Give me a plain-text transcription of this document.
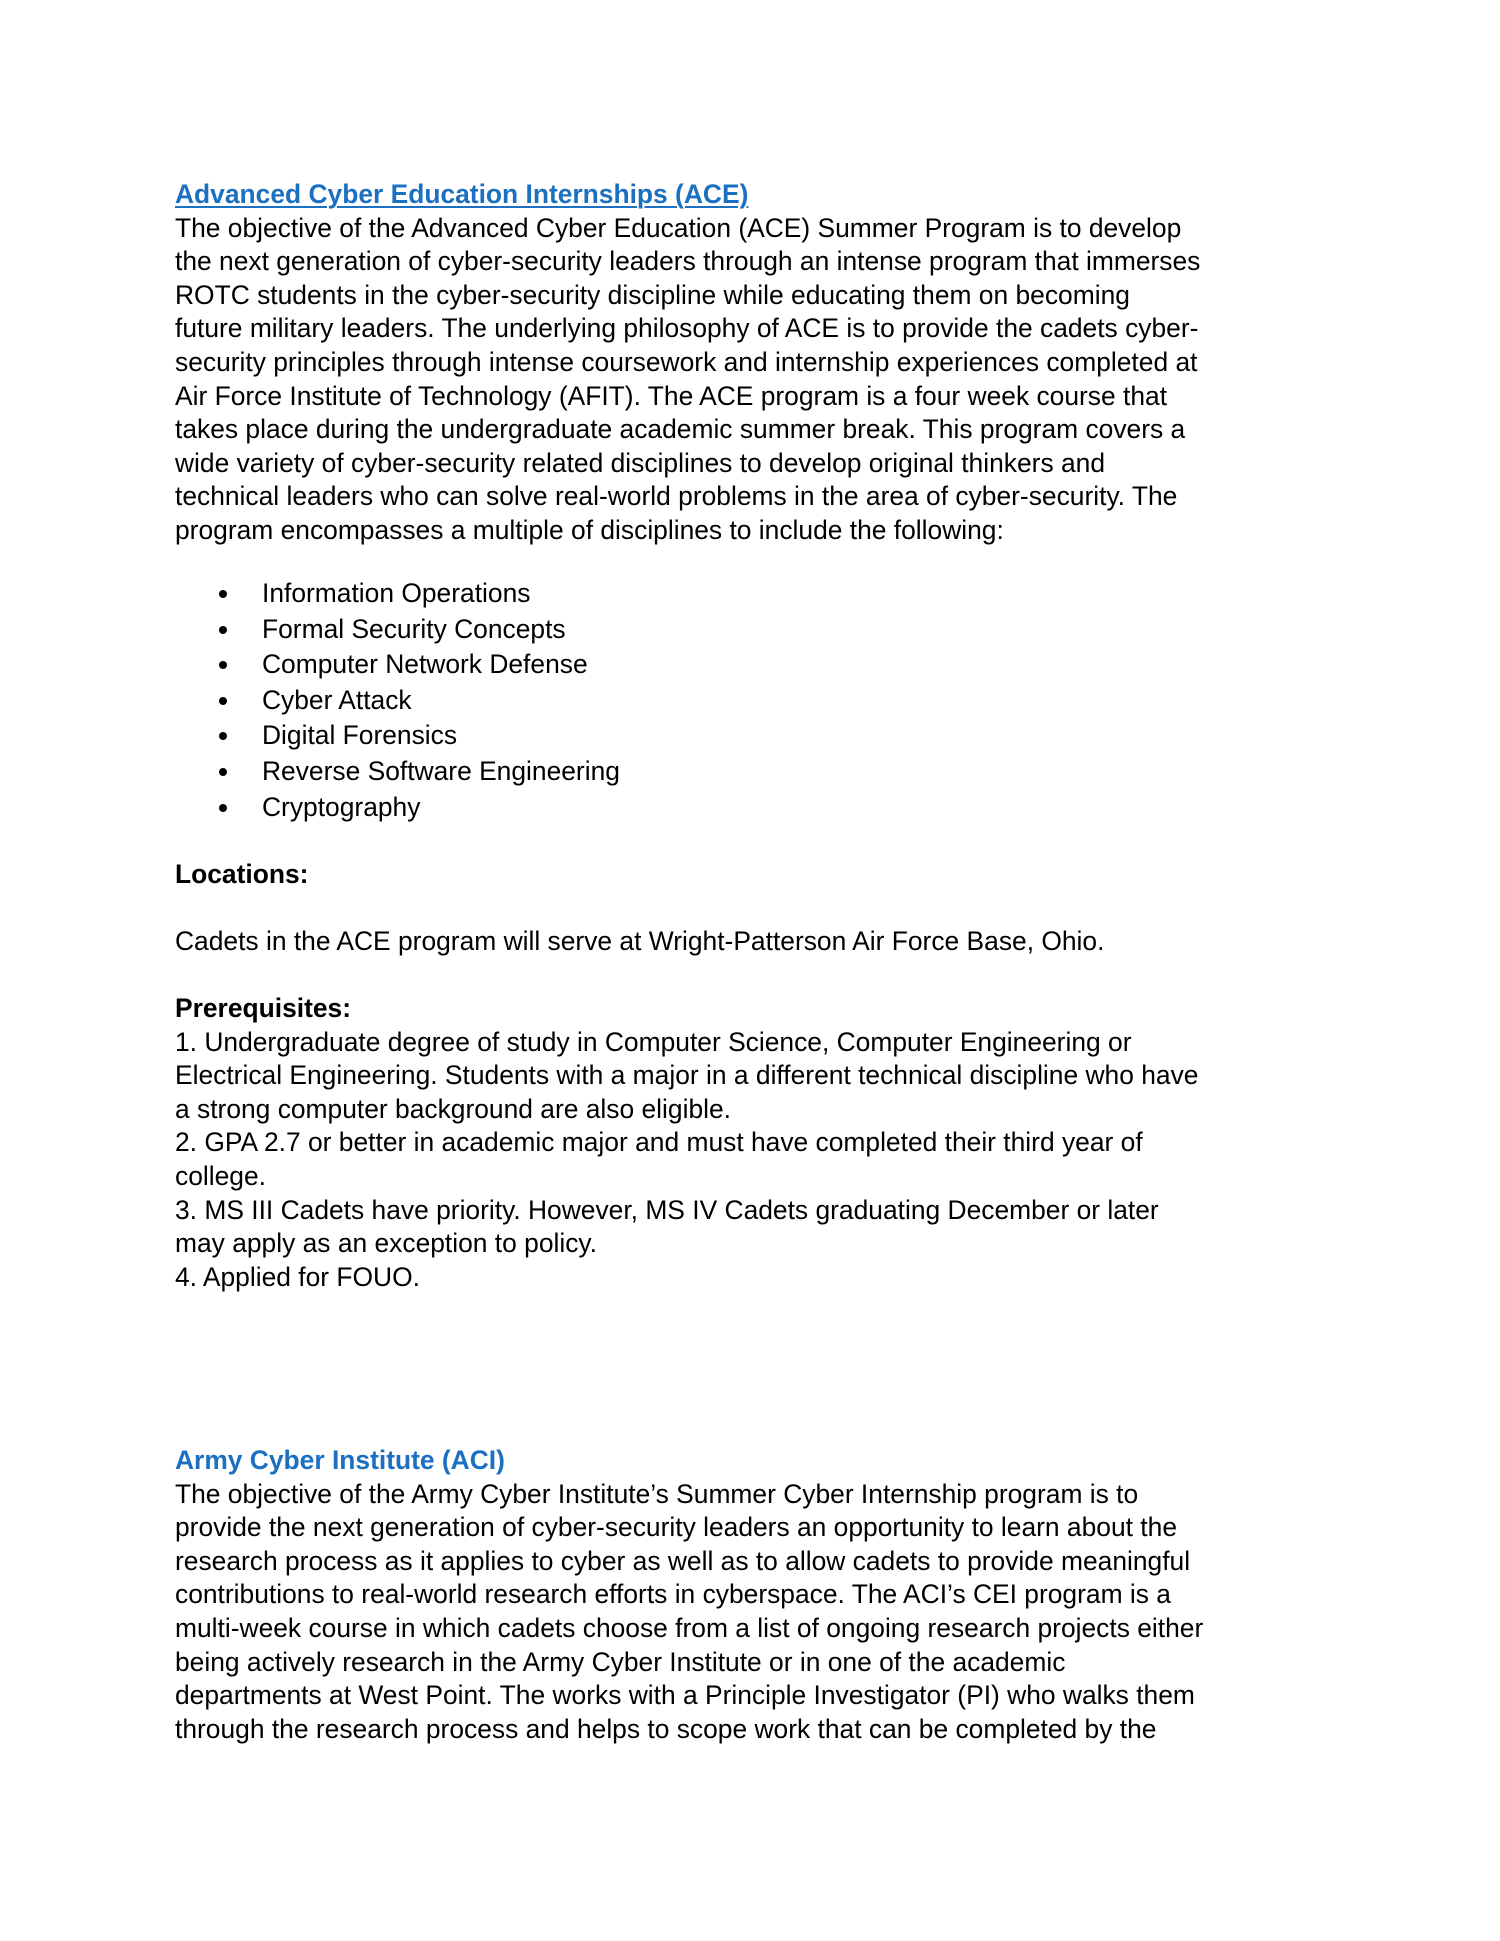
Advanced Cyber Education Internships (ACE)
The objective of the Advanced Cyber Education (ACE) Summer Program is to develop
the next generation of cyber-security leaders through an intense program that immerses
ROTC students in the cyber-security discipline while educating them on becoming
future military leaders. The underlying philosophy of ACE is to provide the cadets cyber-
security principles through intense coursework and internship experiences completed at
Air Force Institute of Technology (AFIT). The ACE program is a four week course that
takes place during the undergraduate academic summer break. This program covers a
wide variety of cyber-security related disciplines to develop original thinkers and
technical leaders who can solve real-world problems in the area of cyber-security. The
program encompasses a multiple of disciplines to include the following:
Information Operations
Formal Security Concepts
Computer Network Defense
Cyber Attack
Digital Forensics
Reverse Software Engineering
Cryptography
Locations:
Cadets in the ACE program will serve at Wright-Patterson Air Force Base, Ohio.
Prerequisites:
1. Undergraduate degree of study in Computer Science, Computer Engineering or
Electrical Engineering. Students with a major in a different technical discipline who have
a strong computer background are also eligible.
2. GPA 2.7 or better in academic major and must have completed their third year of
college.
3. MS III Cadets have priority. However, MS IV Cadets graduating December or later
may apply as an exception to policy.
4. Applied for FOUO.
Army Cyber Institute (ACI)
The objective of the Army Cyber Institute’s Summer Cyber Internship program is to
provide the next generation of cyber-security leaders an opportunity to learn about the
research process as it applies to cyber as well as to allow cadets to provide meaningful
contributions to real-world research efforts in cyberspace. The ACI’s CEI program is a
multi-week course in which cadets choose from a list of ongoing research projects either
being actively research in the Army Cyber Institute or in one of the academic
departments at West Point. The works with a Principle Investigator (PI) who walks them
through the research process and helps to scope work that can be completed by the
